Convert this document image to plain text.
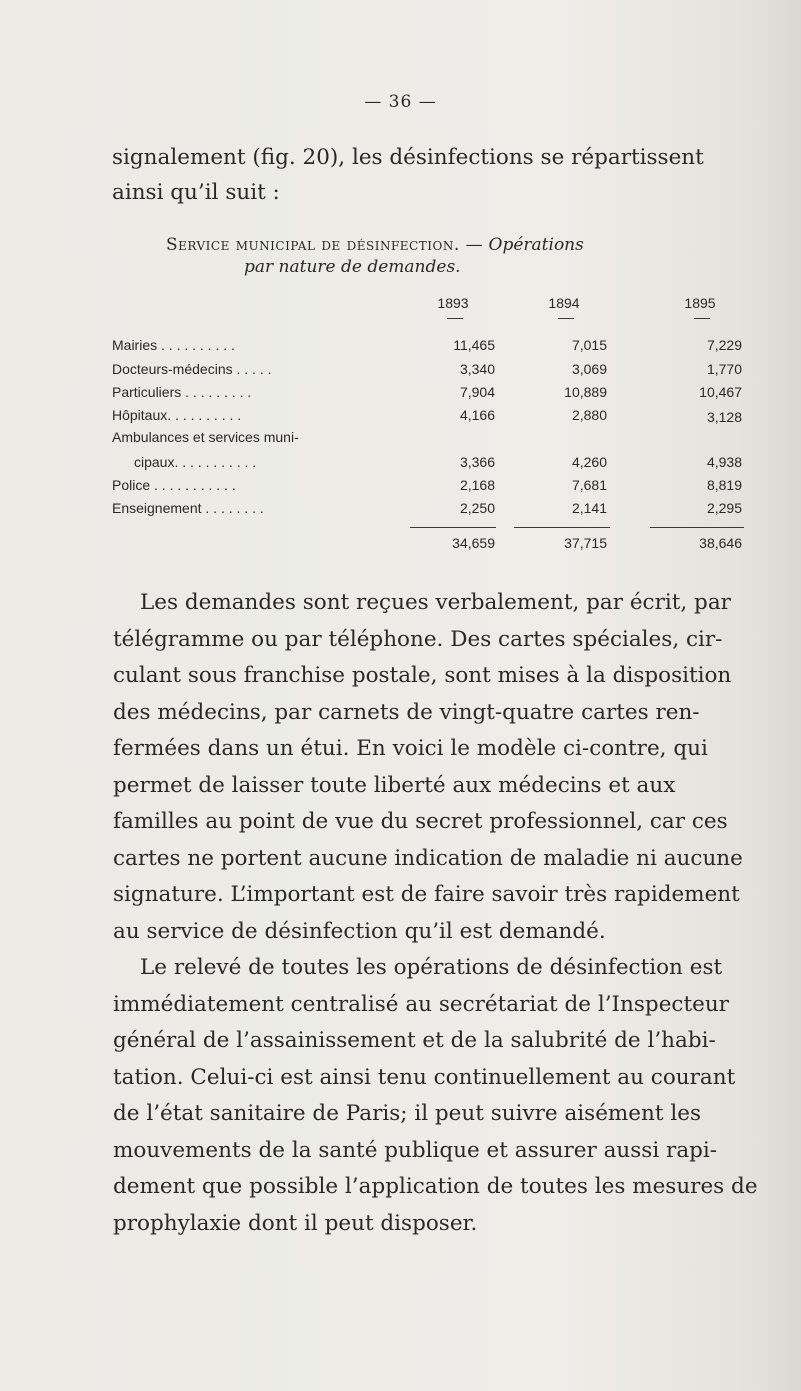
— 36 —
signalement (fig. 20), les désinfections se répartissent
ainsi qu’il suit :
Service municipal de désinfection. — Opérations
par nature de demandes.
1893	1894	1895
Mairies . . . . . . . . . .	11,465	7,015	7,229
Docteurs-médecins . . . . .	3,340	3,069	1,770
Particuliers . . . . . . . . .	7,904	10,889	10,467
Hôpitaux. . . . . . . . . .	4,166	2,880	3,128
Ambulances et services muni-
cipaux. . . . . . . . . . .	3,366	4,260	4,938
Police . . . . . . . . . . .	2,168	7,681	8,819
Enseignement . . . . . . . .	2,250	2,141	2,295
34,659	37,715	38,646
Les demandes sont reçues verbalement, par écrit, par
télégramme ou par téléphone. Des cartes spéciales, cir-
culant sous franchise postale, sont mises à la disposition
des médecins, par carnets de vingt-quatre cartes ren-
fermées dans un étui. En voici le modèle ci-contre, qui
permet de laisser toute liberté aux médecins et aux
familles au point de vue du secret professionnel, car ces
cartes ne portent aucune indication de maladie ni aucune
signature. L’important est de faire savoir très rapidement
au service de désinfection qu’il est demandé.
Le relevé de toutes les opérations de désinfection est
immédiatement centralisé au secrétariat de l’Inspecteur
général de l’assainissement et de la salubrité de l’habi-
tation. Celui-ci est ainsi tenu continuellement au courant
de l’état sanitaire de Paris; il peut suivre aisément les
mouvements de la santé publique et assurer aussi rapi-
dement que possible l’application de toutes les mesures de
prophylaxie dont il peut disposer.
